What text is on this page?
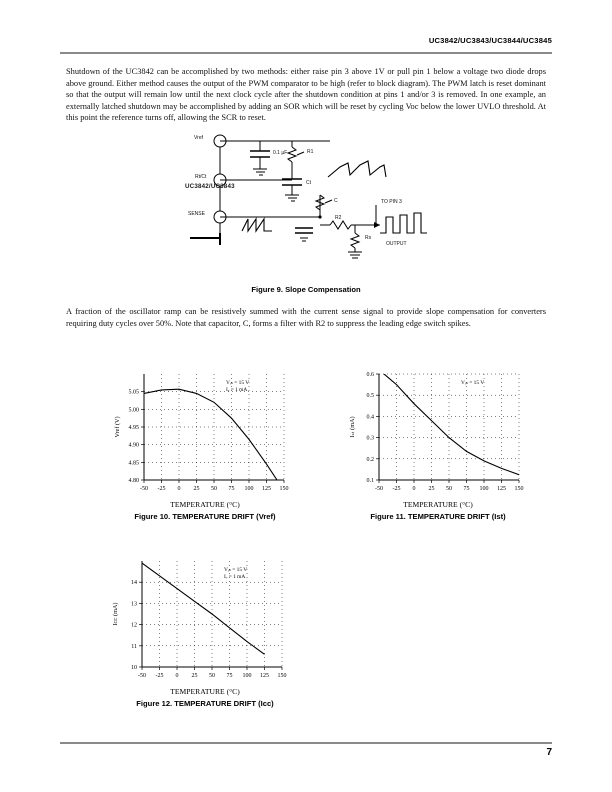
UC3842/UC3843/UC3844/UC3845
Shutdown of the UC3842 can be accomplished by two methods: either raise pin 3 above 1V or pull pin 1 below a voltage two diode drops above ground. Either method causes the output of the PWM comparator to be high (refer to block diagram). The PWM latch is reset dominant so that the output will remain low until the next clock cycle after the shutdown condition at pins 1 and/or 3 is removed. In one example, an externally latched shutdown may be accomplished by adding an SOR which will be reset by cycling Voc below the lower UVLO threshold. At this point the reference turns off, allowing the SCR to reset.
Vref
Rt/Ct
SENSE
0.1 µF	R1
Ct
C
R2
Rs
TO PIN 3
OUTPUT
UC3842/UC3843
Figure 9. Slope Compensation
A fraction of the oscillator ramp can be resistively summed with the current sense signal to provide slope compensation for converters requiring duty cycles over 50%. Note that capacitor, C, forms a filter with R2 to suppress the leading edge switch spikes.
-50 -25 0 25 50 75 100 125 150
4.80
4.85
4.90
4.95
5.00
5.05
Vref (V)
Vᵢₙ = 15 V
Iₒ = 1 mA
TEMPERATURE (°C)
Figure 10. TEMPERATURE DRIFT (Vref)
-50 -25 0 25 50 75 100 125 150
0.1
0.2
0.3
0.4
0.5
0.6
Iₛₜ (mA)
Vᵢₙ = 15 V
TEMPERATURE (°C)
Figure 11. TEMPERATURE DRIFT (Ist)
-50 -25 0 25 50 75 100 125 150
10
11
12
13
14
Iᴄᴄ (mA)
Vᵢₙ = 15 V
Iₒ = 1 mA
TEMPERATURE (°C)
Figure 12. TEMPERATURE DRIFT (Icc)
7
